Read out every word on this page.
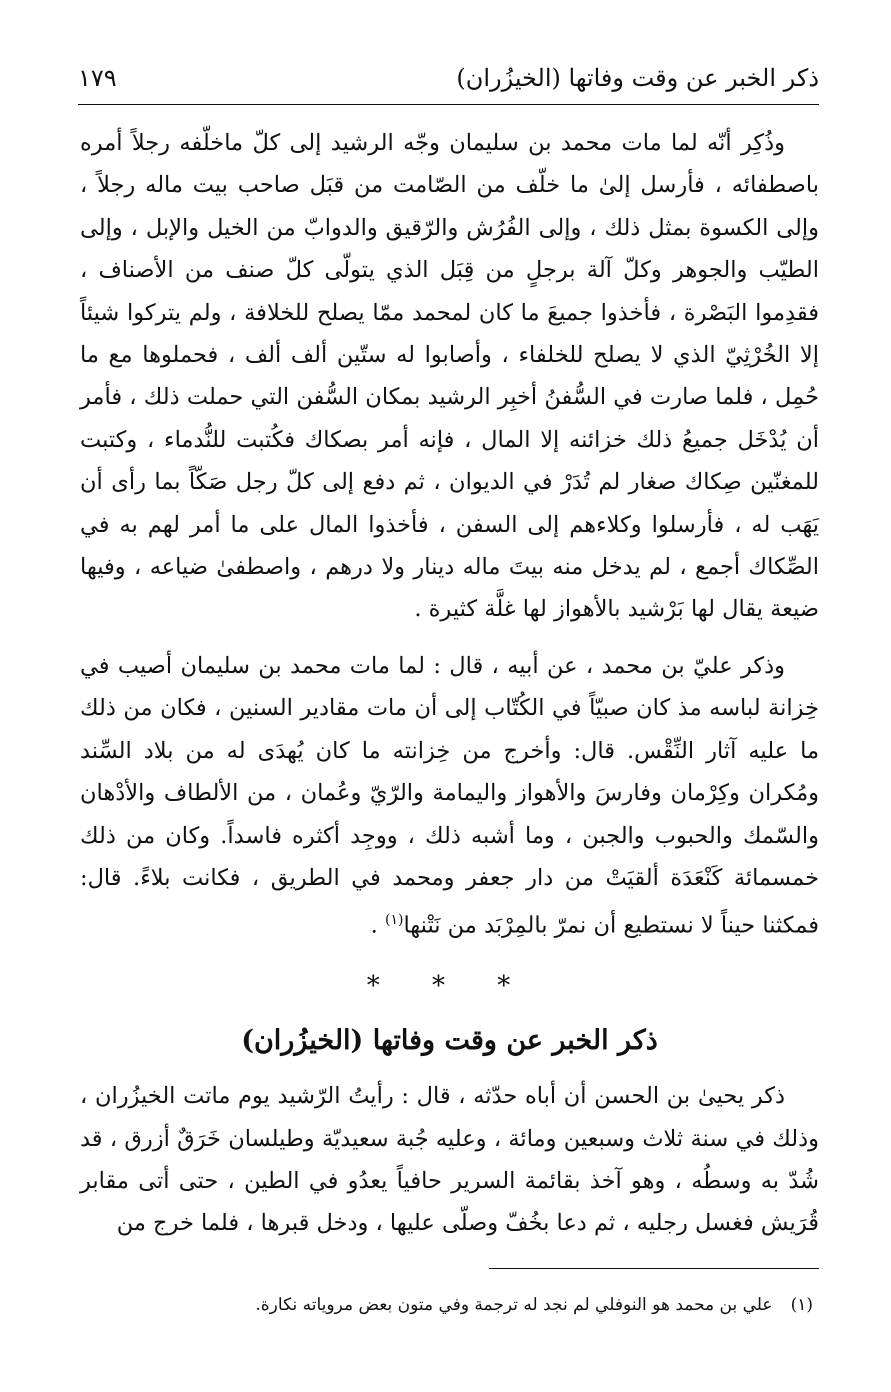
ذكر الخبر عن وقت وفاتها (الخيزُران)
١٧٩

وذُكِر أنّه لما مات محمد بن سليمان وجّه الرشيد إلى كلّ ماخلّفه رجلاً أمره باصطفائه ، فأرسل إلىٰ ما خلّف من الصّامت من قبَل صاحب بيت ماله رجلاً ، وإلى الكسوة بمثل ذلك ، وإلى الفُرُش والرّقيق والدوابّ من الخيل والإبل ، وإلى الطيّب والجوهر وكلّ آلة برجلٍ من قِبَل الذي يتولّى كلّ صنف من الأصناف ، فقدِموا البَصْرة ، فأخذوا جميعَ ما كان لمحمد ممّا يصلح للخلافة ، ولم يتركوا شيئاً إلا الخُرْثِيّ الذي لا يصلح للخلفاء ، وأصابوا له ستّين ألف ألف ، فحملوها مع ما حُمِل ، فلما صارت في السُّفنُ أخبِر الرشيد بمكان السُّفن التي حملت ذلك ، فأمر أن يُدْخَل جميعُ ذلك خزائنه إلا المال ، فإنه أمر بصكاك فكُتبت للنُّدماء ، وكتبت للمغنّين صِكاك صغار لم تُدَرْ في الديوان ، ثم دفع إلى كلّ رجل صَكّاً بما رأى أن يَهَب له ، فأرسلوا وكلاءهم إلى السفن ، فأخذوا المال على ما أمر لهم به في الصِّكاك أجمع ، لم يدخل منه بيتَ ماله دينار ولا درهم ، واصطفىٰ ضياعه ، وفيها ضيعة يقال لها بَرْشيد بالأهواز لها غلَّة كثيرة .

وذكر عليّ بن محمد ، عن أبيه ، قال : لما مات محمد بن سليمان أصيب في خِزانة لباسه مذ كان صبيّاً في الكُتّاب إلى أن مات مقادير السنين ، فكان من ذلك ما عليه آثار النِّقْس. قال: وأخرج من خِزانته ما كان يُهدَى له من بلاد السِّند ومُكران وكِرْمان وفارسَ والأهواز واليمامة والرّيّ وعُمان ، من الألطاف والأدْهان والسّمك والحبوب والجبن ، وما أشبه ذلك ، ووجِد أكثره فاسداً. وكان من ذلك خمسمائة كَنْعَدَة ألقيَتْ من دار جعفر ومحمد في الطريق ، فكانت بلاءً. قال: فمكثنا حيناً لا نستطيع أن نمرّ بالمِرْبَد من نَتْنها$^{(١)}$ .

* * *
ذكر الخبر عن وقت وفاتها (الخيزُران)

ذكر يحيىٰ بن الحسن أن أباه حدّثه ، قال : رأيتُ الرّشيد يوم ماتت الخيزُران ، وذلك في سنة ثلاث وسبعين ومائة ، وعليه جُبة سعيديّة وطيلسان خَرَقٌ أزرق ، قد شُدّ به وسطُه ، وهو آخذ بقائمة السرير حافياً يعدُو في الطين ، حتى أتى مقابر قُرَيش فغسل رجليه ، ثم دعا بخُفّ وصلّى عليها ، ودخل قبرها ، فلما خرج من

(١)
علي بن محمد هو النوفلي لم نجد له ترجمة وفي متون بعض مروياته نكارة.
